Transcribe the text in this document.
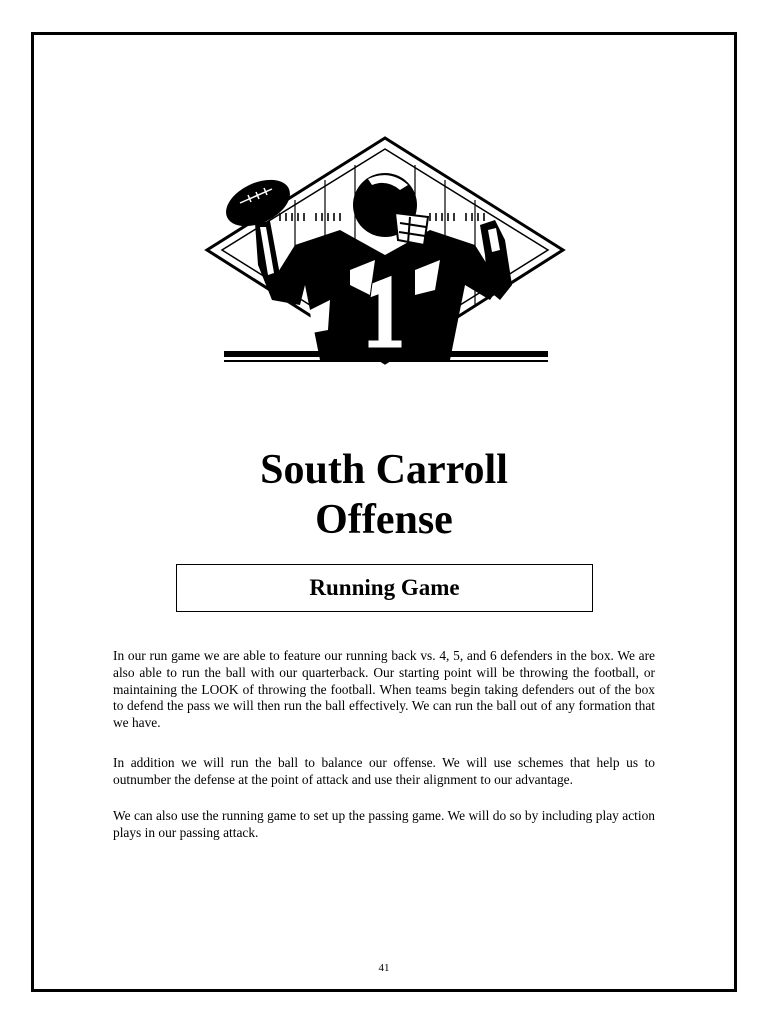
South Carroll
Offense
Running Game

In our run game we are able to feature our running back vs. 4, 5, and 6 defenders in the box. We are also able to run the ball with our quarterback. Our starting point will be throwing the football, or maintaining the LOOK of throwing the football. When teams begin taking defenders out of the box to defend the pass we will then run the ball effectively. We can run the ball out of any formation that we have.

In addition we will run the ball to balance our offense. We will use schemes that help us to outnumber the defense at the point of attack and use their alignment to our advantage.

We can also use the running game to set up the passing game. We will do so by including play action plays in our passing attack.

41
